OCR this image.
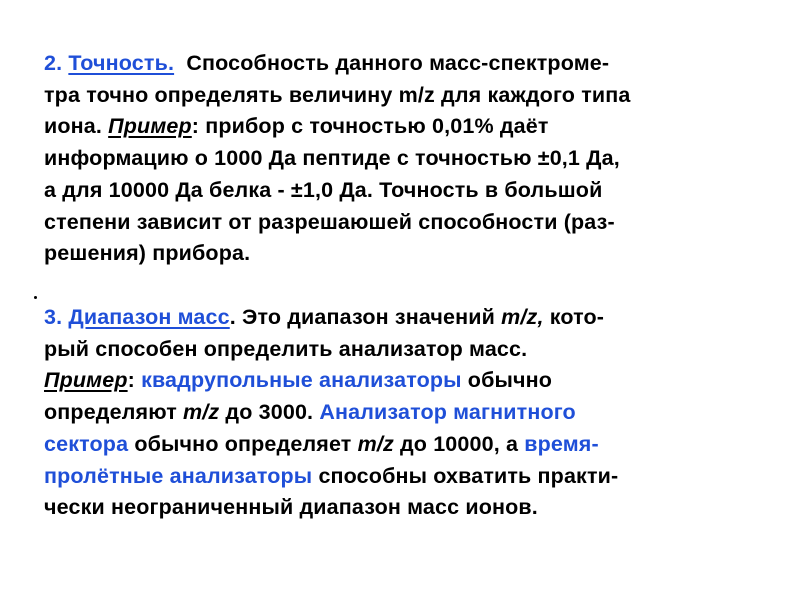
2. Точность. Способность данного масс-спектроме-
тра точно определять величину m/z для каждого типа
иона. Пример: прибор с точностью 0,01% даёт
информацию о 1000 Да пептиде с точностью ±0,1 Да,
а для 10000 Да белка - ±1,0 Да. Точность в большой
степени зависит от разрешаюшей способности (раз-
решения) прибора.
3. Диапазон масс. Это диапазон значений m/z, кото-
рый способен определить анализатор масс.
Пример: квадрупольные анализаторы обычно
определяют m/z до 3000. Анализатор магнитного
сектора обычно определяет m/z до 10000, а время-
пролётные анализаторы способны охватить практи-
чески неограниченный диапазон масс ионов.
